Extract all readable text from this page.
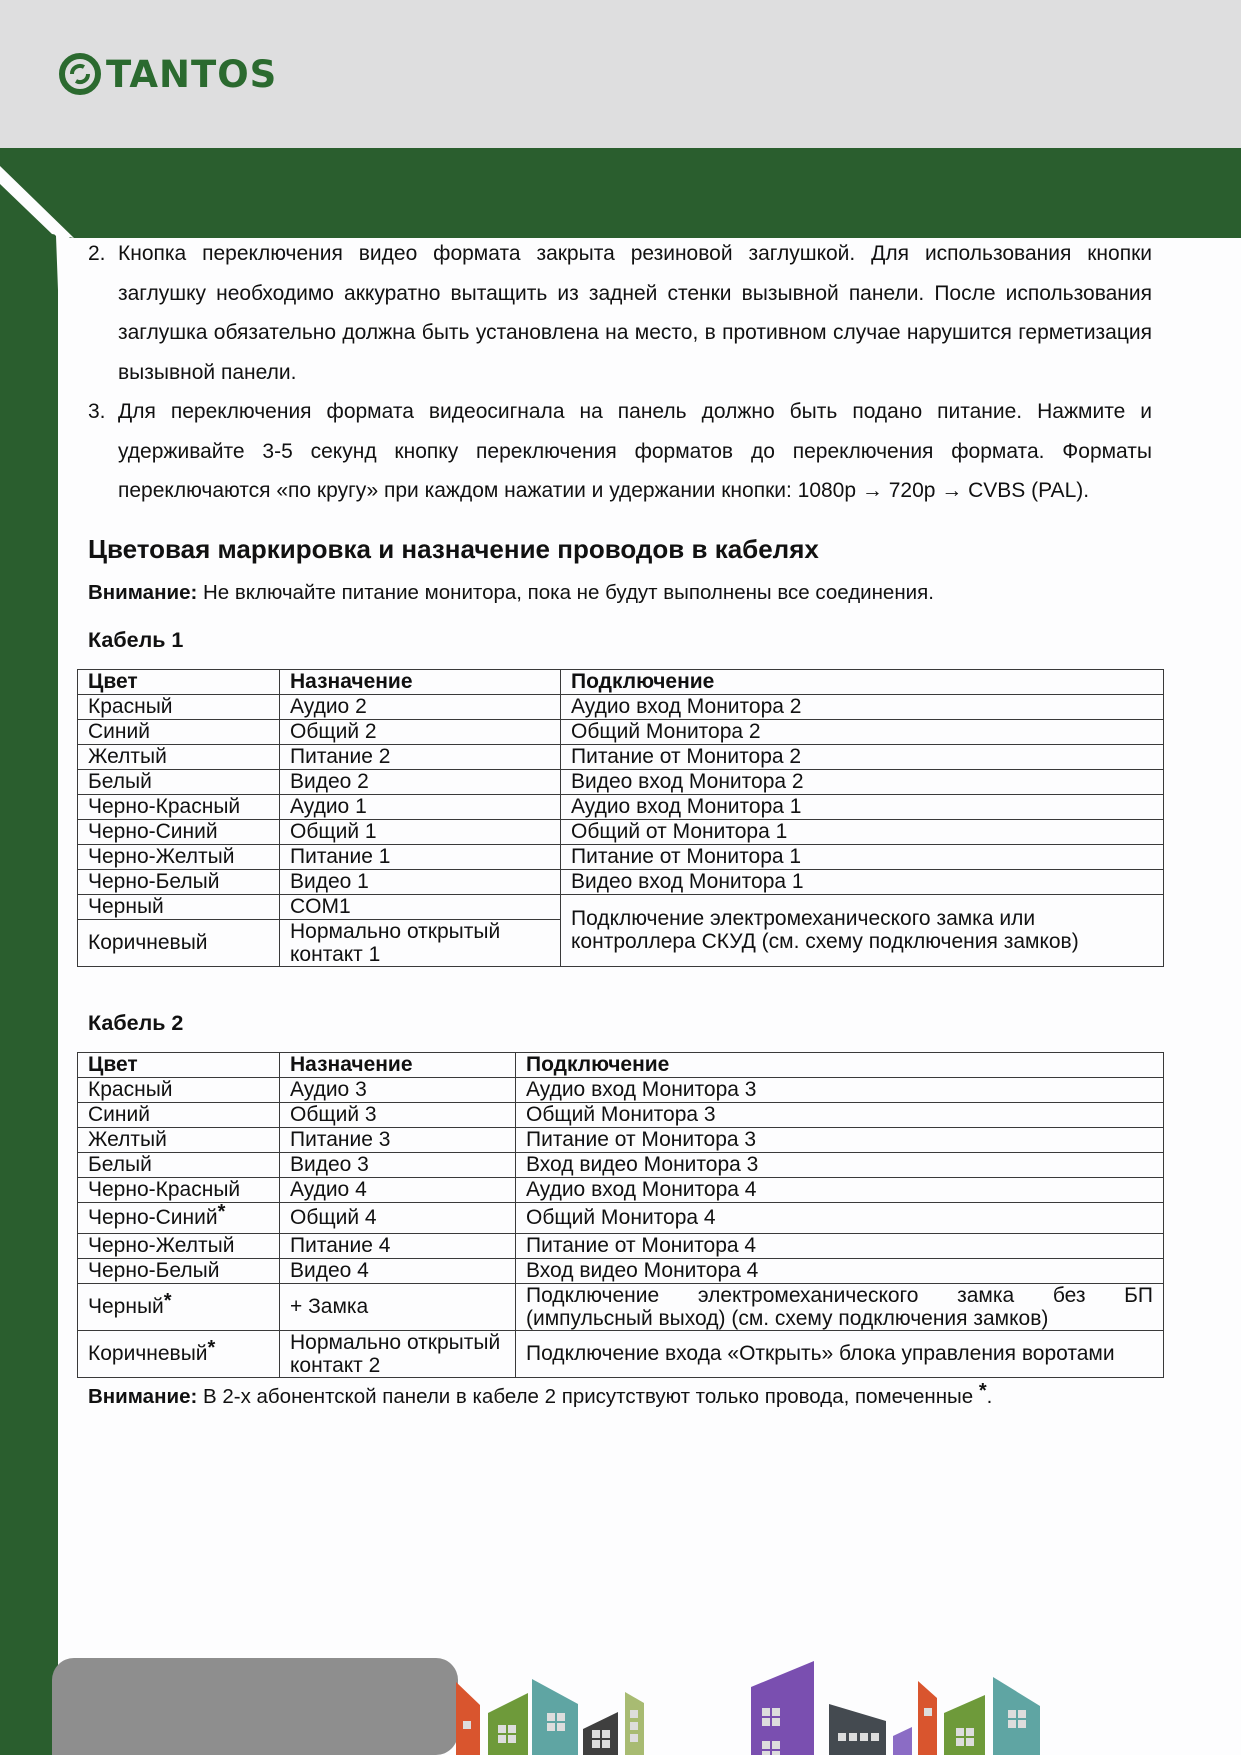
TANTOS
2. Кнопка переключения видео формата закрыта резиновой заглушкой. Для использования кнопки заглушку необходимо аккуратно вытащить из задней стенки вызывной панели. После использования заглушка обязательно должна быть установлена на место, в противном случае нарушится герметизация вызывной панели.
3. Для переключения формата видеосигнала на панель должно быть подано питание. Нажмите и удерживайте 3-5 секунд кнопку переключения форматов до переключения формата. Форматы переключаются «по кругу» при каждом нажатии и удержании кнопки: 1080p → 720p → CVBS (PAL).
Цветовая маркировка и назначение проводов в кабелях
Внимание: Не включайте питание монитора, пока не будут выполнены все соединения.
Кабель 1
Цвет	Назначение	Подключение
Красный	Аудио 2	Аудио вход Монитора 2
Синий	Общий 2	Общий Монитора 2
Желтый	Питание 2	Питание от Монитора 2
Белый	Видео 2	Видео вход Монитора 2
Черно-Красный	Аудио 1	Аудио вход Монитора 1
Черно-Синий	Общий 1	Общий от Монитора 1
Черно-Желтый	Питание 1	Питание от Монитора 1
Черно-Белый	Видео 1	Видео вход Монитора 1
Черный	COM1	Подключение электромеханического замка или контроллера СКУД (см. схему подключения замков)
Коричневый	Нормально открытый контакт 1	
Кабель 2
Цвет	Назначение	Подключение
Красный	Аудио 3	Аудио вход Монитора 3
Синий	Общий 3	Общий Монитора 3
Желтый	Питание 3	Питание от Монитора 3
Белый	Видео 3	Вход видео Монитора 3
Черно-Красный	Аудио 4	Аудио вход Монитора 4
Черно-Синий*	Общий 4	Общий Монитора 4
Черно-Желтый	Питание 4	Питание от Монитора 4
Черно-Белый	Видео 4	Вход видео Монитора 4
Черный*	+ Замка	Подключение электромеханического замка без БП (импульсный выход) (см. схему подключения замков)
Коричневый*	Нормально открытый контакт 2	Подключение входа «Открыть» блока управления воротами
Внимание: В 2-х абонентской панели в кабеле 2 присутствуют только провода, помеченные *.
